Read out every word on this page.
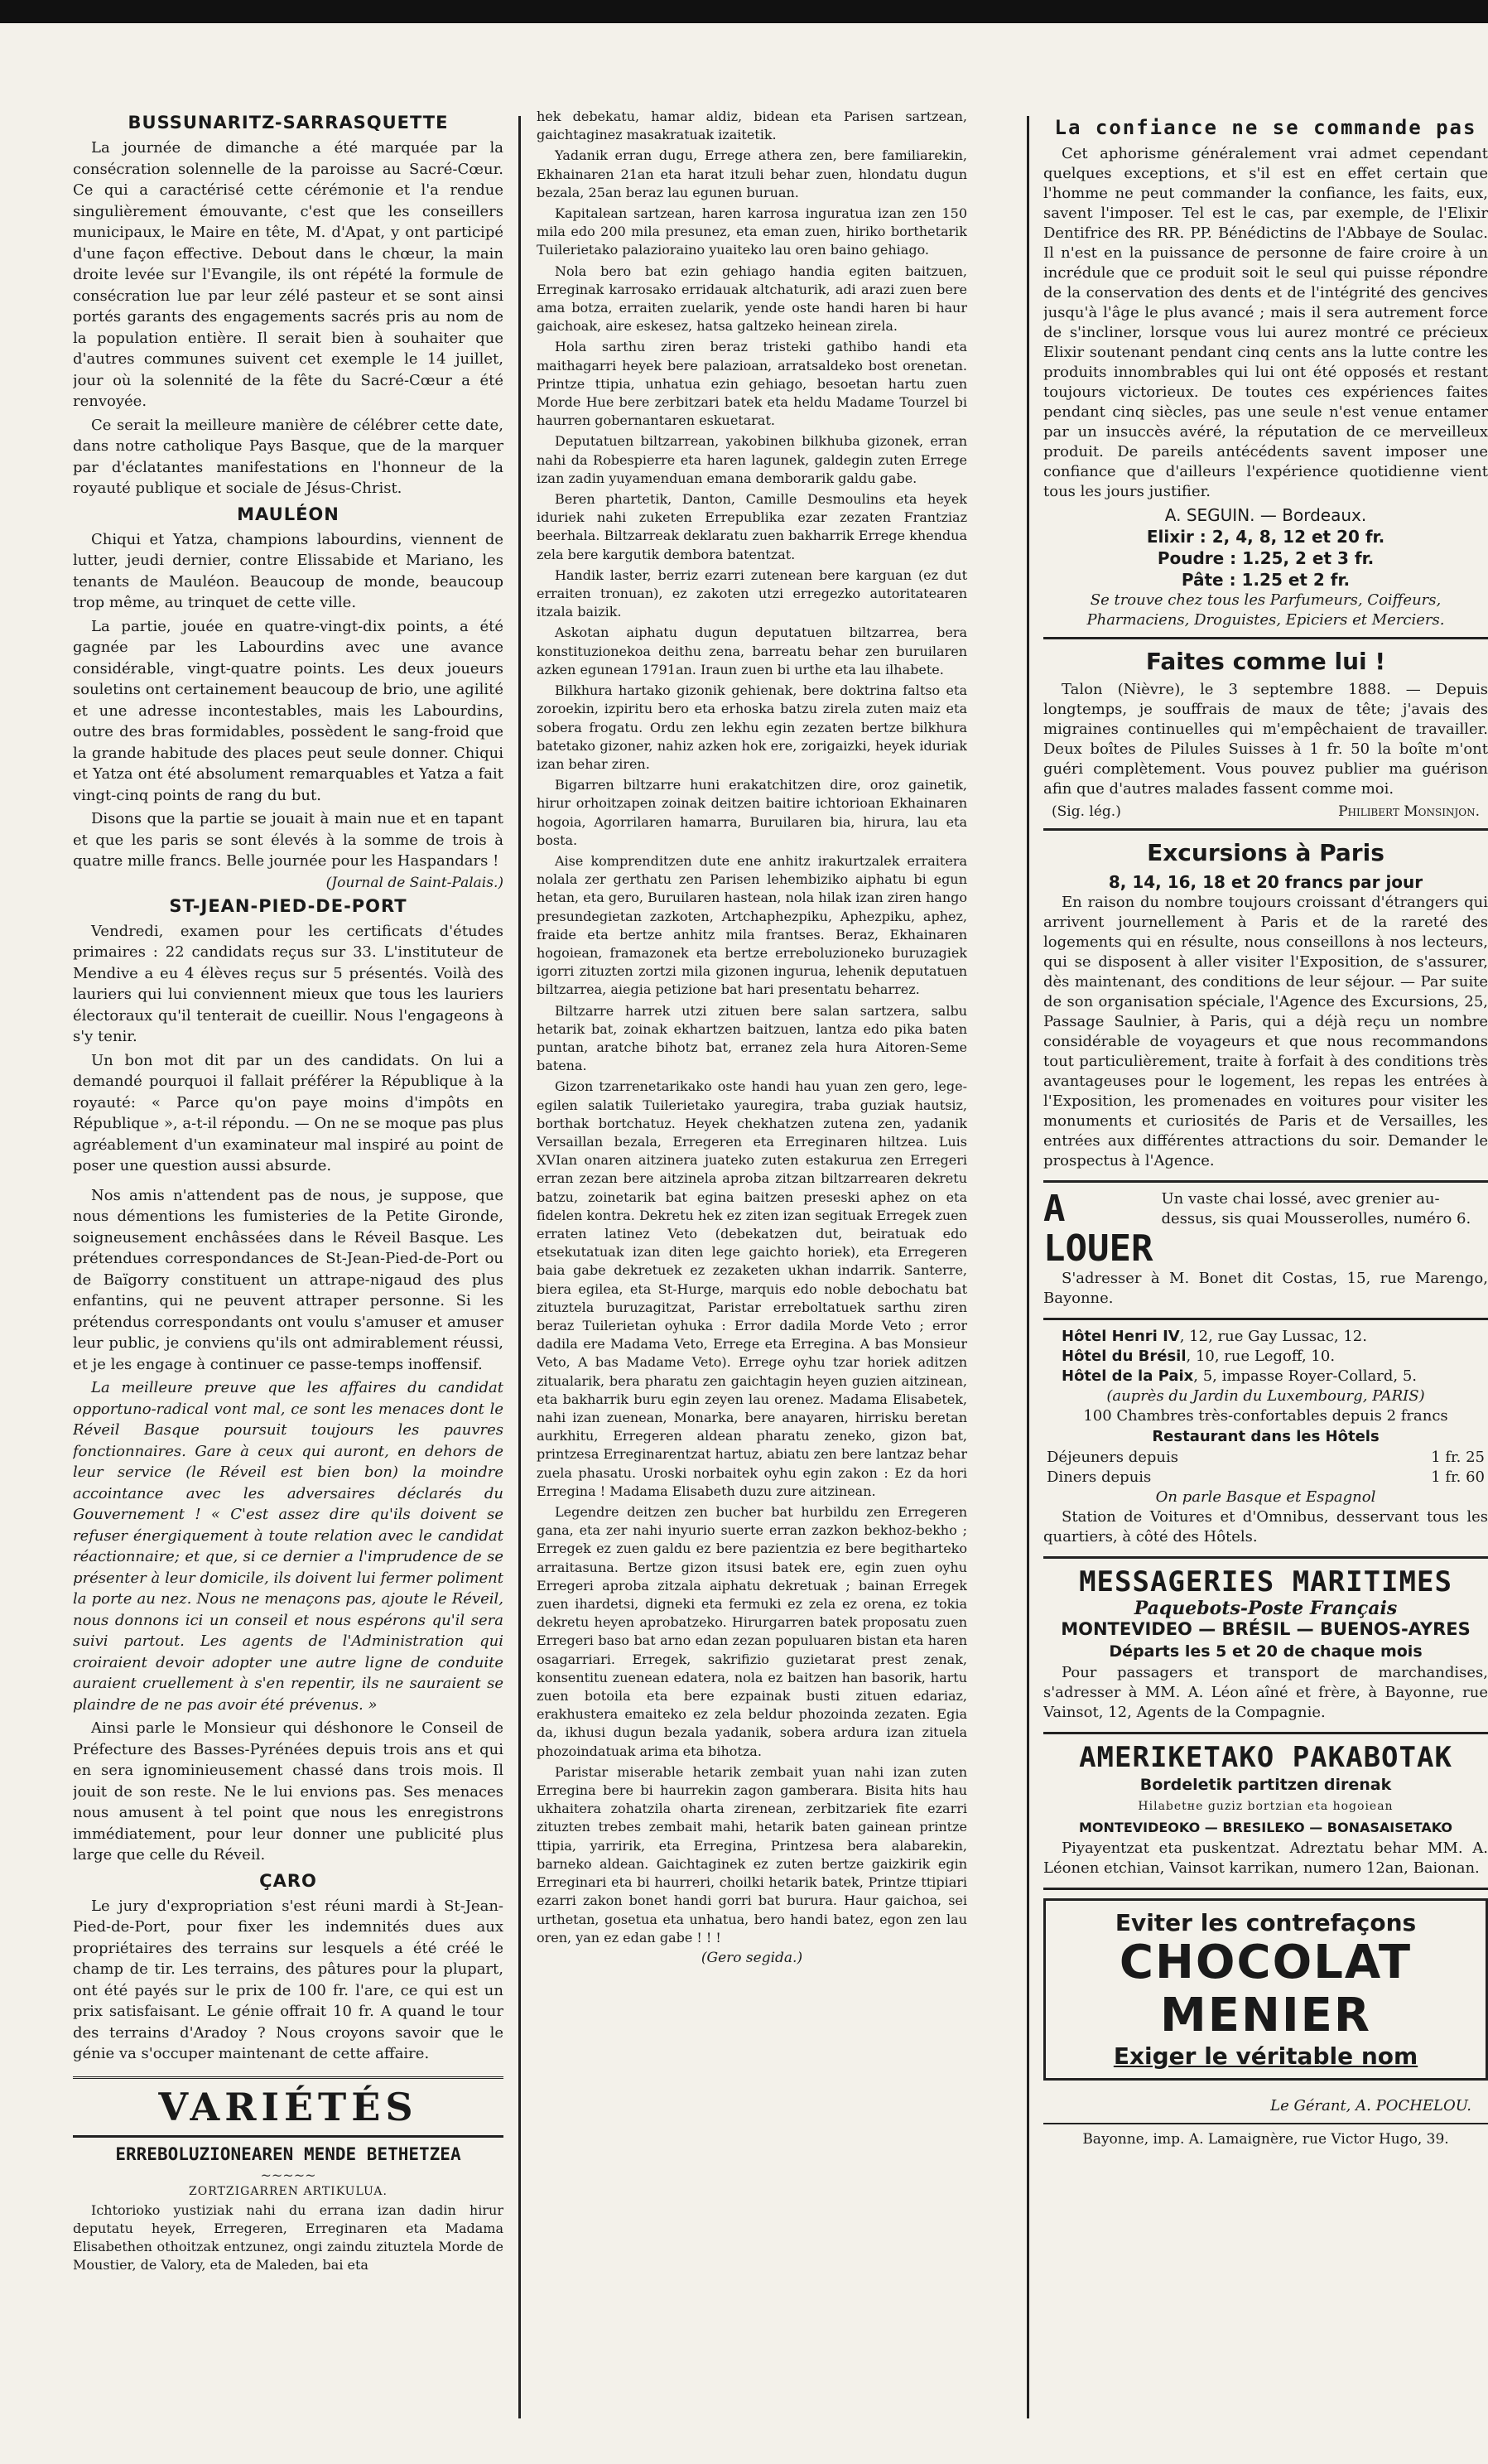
BUSSUNARITZ-SARRASQUETTE

La journée de dimanche a été marquée par la consécration solennelle de la paroisse au Sacré-Cœur. Ce qui a caractérisé cette cérémonie et l'a rendue singulièrement émouvante, c'est que les conseillers municipaux, le Maire en tête, M. d'Apat, y ont participé d'une façon effective. Debout dans le chœur, la main droite levée sur l'Evangile, ils ont répété la formule de consécration lue par leur zélé pasteur et se sont ainsi portés garants des engagements sacrés pris au nom de la population entière. Il serait bien à souhaiter que d'autres communes suivent cet exemple le 14 juillet, jour où la solennité de la fête du Sacré-Cœur a été renvoyée.

Ce serait la meilleure manière de célébrer cette date, dans notre catholique Pays Basque, que de la marquer par d'éclatantes manifestations en l'honneur de la royauté publique et sociale de Jésus-Christ.

MAULÉON

Chiqui et Yatza, champions labourdins, viennent de lutter, jeudi dernier, contre Elissabide et Mariano, les tenants de Mauléon. Beaucoup de monde, beaucoup trop même, au trinquet de cette ville.

La partie, jouée en quatre-vingt-dix points, a été gagnée par les Labourdins avec une avance considérable, vingt-quatre points. Les deux joueurs souletins ont certainement beaucoup de brio, une agilité et une adresse incontestables, mais les Labourdins, outre des bras formidables, possèdent le sang-froid que la grande habitude des places peut seule donner. Chiqui et Yatza ont été absolument remarquables et Yatza a fait vingt-cinq points de rang du but.

Disons que la partie se jouait à main nue et en tapant et que les paris se sont élevés à la somme de trois à quatre mille francs. Belle journée pour les Haspandars !

(Journal de Saint-Palais.)
ST-JEAN-PIED-DE-PORT

Vendredi, examen pour les certificats d'études primaires : 22 candidats reçus sur 33. L'instituteur de Mendive a eu 4 élèves reçus sur 5 présentés. Voilà des lauriers qui lui conviennent mieux que tous les lauriers électoraux qu'il tenterait de cueillir. Nous l'engageons à s'y tenir.

Un bon mot dit par un des candidats. On lui a demandé pourquoi il fallait préférer la République à la royauté: « Parce qu'on paye moins d'impôts en République », a-t-il répondu. — On ne se moque pas plus agréablement d'un examinateur mal inspiré au point de poser une question aussi absurde.

Nos amis n'attendent pas de nous, je suppose, que nous démentions les fumisteries de la Petite Gironde, soigneusement enchâssées dans le Réveil Basque. Les prétendues correspondances de St-Jean-Pied-de-Port ou de Baïgorry constituent un attrape-nigaud des plus enfantins, qui ne peuvent attraper personne. Si les prétendus correspondants ont voulu s'amuser et amuser leur public, je conviens qu'ils ont admirablement réussi, et je les engage à continuer ce passe-temps inoffensif.

La meilleure preuve que les affaires du candidat opportuno-radical vont mal, ce sont les menaces dont le Réveil Basque poursuit toujours les pauvres fonctionnaires. Gare à ceux qui auront, en dehors de leur service (le Réveil est bien bon) la moindre accointance avec les adversaires déclarés du Gouvernement ! « C'est assez dire qu'ils doivent se refuser énergiquement à toute relation avec le candidat réactionnaire; et que, si ce dernier a l'imprudence de se présenter à leur domicile, ils doivent lui fermer poliment la porte au nez. Nous ne menaçons pas, ajoute le Réveil, nous donnons ici un conseil et nous espérons qu'il sera suivi partout. Les agents de l'Administration qui croiraient devoir adopter une autre ligne de conduite auraient cruellement à s'en repentir, ils ne sauraient se plaindre de ne pas avoir été prévenus. »

Ainsi parle le Monsieur qui déshonore le Conseil de Préfecture des Basses-Pyrénées depuis trois ans et qui en sera ignominieusement chassé dans trois mois. Il jouit de son reste. Ne le lui envions pas. Ses menaces nous amusent à tel point que nous les enregistrons immédiatement, pour leur donner une publicité plus large que celle du Réveil.

ÇARO

Le jury d'expropriation s'est réuni mardi à St-Jean-Pied-de-Port, pour fixer les indemnités dues aux propriétaires des terrains sur lesquels a été créé le champ de tir. Les terrains, des pâtures pour la plupart, ont été payés sur le prix de 100 fr. l'are, ce qui est un prix satisfaisant. Le génie offrait 10 fr. A quand le tour des terrains d'Aradoy ? Nous croyons savoir que le génie va s'occuper maintenant de cette affaire.

VARIÉTÉS
ERREBOLUZIONEAREN MENDE BETHETZEA
~~~~~
ZORTZIGARREN ARTIKULUA.

Ichtorioko yustiziak nahi du errana izan dadin hirur deputatu heyek, Erregeren, Erreginaren eta Madama Elisabethen othoitzak entzunez, ongi zaindu zituztela Morde de Moustier, de Valory, eta de Maleden, bai eta

hek debekatu, hamar aldiz, bidean eta Parisen sartzean, gaichtaginez masakratuak izaitetik.

Yadanik erran dugu, Errege athera zen, bere familiarekin, Ekhainaren 21an eta harat itzuli behar zuen, hlondatu dugun bezala, 25an beraz lau egunen buruan.

Kapitalean sartzean, haren karrosa inguratua izan zen 150 mila edo 200 mila presunez, eta eman zuen, hiriko borthetarik Tuilerietako palazioraino yuaiteko lau oren baino gehiago.

Nola bero bat ezin gehiago handia egiten baitzuen, Erreginak karrosako erridauak altchaturik, adi arazi zuen bere ama botza, erraiten zuelarik, yende oste handi haren bi haur gaichoak, aire eskesez, hatsa galtzeko heinean zirela.

Hola sarthu ziren beraz tristeki gathibo handi eta maithagarri heyek bere palazioan, arratsaldeko bost orenetan. Printze ttipia, unhatua ezin gehiago, besoetan hartu zuen Morde Hue bere zerbitzari batek eta heldu Madame Tourzel bi haurren gobernantaren eskuetarat.

Deputatuen biltzarrean, yakobinen bilkhuba gizonek, erran nahi da Robespierre eta haren lagunek, galdegin zuten Errege izan zadin yuyamenduan emana demborarik galdu gabe.

Beren phartetik, Danton, Camille Desmoulins eta heyek iduriek nahi zuketen Errepublika ezar zezaten Frantziaz beerhala. Biltzarreak deklaratu zuen bakharrik Errege khendua zela bere kargutik dembora batentzat.

Handik laster, berriz ezarri zutenean bere karguan (ez dut erraiten tronuan), ez zakoten utzi erregezko autoritatearen itzala baizik.

Askotan aiphatu dugun deputatuen biltzarrea, bera konstituzionekoa deithu zena, barreatu behar zen buruilaren azken egunean 1791an. Iraun zuen bi urthe eta lau ilhabete.

Bilkhura hartako gizonik gehienak, bere doktrina faltso eta zoroekin, izpiritu bero eta erhoska batzu zirela zuten maiz eta sobera frogatu. Ordu zen lekhu egin zezaten bertze bilkhura batetako gizoner, nahiz azken hok ere, zorigaizki, heyek iduriak izan behar ziren.

Bigarren biltzarre huni erakatchitzen dire, oroz gainetik, hirur orhoitzapen zoinak deitzen baitire ichtorioan Ekhainaren hogoia, Agorrilaren hamarra, Buruilaren bia, hirura, lau eta bosta.

Aise komprenditzen dute ene anhitz irakurtzalek erraitera nolala zer gerthatu zen Parisen lehembiziko aiphatu bi egun hetan, eta gero, Buruilaren hastean, nola hilak izan ziren hango presundegietan zazkoten, Artchaphezpiku, Aphezpiku, aphez, fraide eta bertze anhitz mila frantses. Beraz, Ekhainaren hogoiean, framazonek eta bertze erreboluzioneko buruzagiek igorri zituzten zortzi mila gizonen ingurua, lehenik deputatuen biltzarrea, aiegia petizione bat hari presentatu beharrez.

Biltzarre harrek utzi zituen bere salan sartzera, salbu hetarik bat, zoinak ekhartzen baitzuen, lantza edo pika baten puntan, aratche bihotz bat, erranez zela hura Aitoren-Seme batena.

Gizon tzarrenetarikako oste handi hau yuan zen gero, lege-egilen salatik Tuilerietako yauregira, traba guziak hautsiz, borthak bortchatuz. Heyek chekhatzen zutena zen, yadanik Versaillan bezala, Erregeren eta Erreginaren hiltzea. Luis XVIan onaren aitzinera juateko zuten estakurua zen Erregeri erran zezan bere aitzinela aproba zitzan biltzarrearen dekretu batzu, zoinetarik bat egina baitzen preseski aphez on eta fidelen kontra. Dekretu hek ez ziten izan segituak Erregek zuen erraten latinez Veto (debekatzen dut, beiratuak edo etsekutatuak izan diten lege gaichto horiek), eta Erregeren baia gabe dekretuek ez zezaketen ukhan indarrik. Santerre, biera egilea, eta St-Hurge, marquis edo noble debochatu bat zituztela buruzagitzat, Paristar erreboltatuek sarthu ziren beraz Tuilerietan oyhuka : Error dadila Morde Veto ; error dadila ere Madama Veto, Errege eta Erregina. A bas Monsieur Veto, A bas Madame Veto). Errege oyhu tzar horiek aditzen zitualarik, bera pharatu zen gaichtagin heyen guzien aitzinean, eta bakharrik buru egin zeyen lau orenez. Madama Elisabetek, nahi izan zuenean, Monarka, bere anayaren, hirrisku beretan aurkhitu, Erregeren aldean pharatu zeneko, gizon bat, printzesa Erreginarentzat hartuz, abiatu zen bere lantzaz behar zuela phasatu. Uroski norbaitek oyhu egin zakon : Ez da hori Erregina ! Madama Elisabeth duzu zure aitzinean.

Legendre deitzen zen bucher bat hurbildu zen Erregeren gana, eta zer nahi inyurio suerte erran zazkon bekhoz-bekho ; Erregek ez zuen galdu ez bere pazientzia ez bere begitharteko arraitasuna. Bertze gizon itsusi batek ere, egin zuen oyhu Erregeri aproba zitzala aiphatu dekretuak ; bainan Erregek zuen ihardetsi, digneki eta fermuki ez zela ez orena, ez tokia dekretu heyen aprobatzeko. Hirurgarren batek proposatu zuen Erregeri baso bat arno edan zezan populuaren bistan eta haren osagarriari. Erregek, sakrifizio guzietarat prest zenak, konsentitu zuenean edatera, nola ez baitzen han basorik, hartu zuen botoila eta bere ezpainak busti zituen edariaz, erakhustera emaiteko ez zela beldur phozoinda zezaten. Egia da, ikhusi dugun bezala yadanik, sobera ardura izan zituela phozoindatuak arima eta bihotza.

Paristar miserable hetarik zembait yuan nahi izan zuten Erregina bere bi haurrekin zagon gamberara. Bisita hits hau ukhaitera zohatzila oharta zirenean, zerbitzariek fite ezarri zituzten trebes zembait mahi, hetarik baten gainean printze ttipia, yarririk, eta Erregina, Printzesa bera alabarekin, barneko aldean. Gaichtaginek ez zuten bertze gaizkirik egin Erreginari eta bi haurreri, choilki hetarik batek, Printze ttipiari ezarri zakon bonet handi gorri bat burura. Haur gaichoa, sei urthetan, gosetua eta unhatua, bero handi batez, egon zen lau oren, yan ez edan gabe ! ! !

(Gero segida.)
La confiance ne se commande pas

Cet aphorisme généralement vrai admet cependant quelques exceptions, et s'il est en effet certain que l'homme ne peut commander la confiance, les faits, eux, savent l'imposer. Tel est le cas, par exemple, de l'Elixir Dentifrice des RR. PP. Bénédictins de l'Abbaye de Soulac. Il n'est en la puissance de personne de faire croire à un incrédule que ce produit soit le seul qui puisse répondre de la conservation des dents et de l'intégrité des gencives jusqu'à l'âge le plus avancé ; mais il sera autrement force de s'incliner, lorsque vous lui aurez montré ce précieux Elixir soutenant pendant cinq cents ans la lutte contre les produits innombrables qui lui ont été opposés et restant toujours victorieux. De toutes ces expériences faites pendant cinq siècles, pas une seule n'est venue entamer par un insuccès avéré, la réputation de ce merveilleux produit. De pareils antécédents savent imposer une confiance que d'ailleurs l'expérience quotidienne vient tous les jours justifier.

A. SEGUIN. — Bordeaux.
Elixir : 2, 4, 8, 12 et 20 fr.
Poudre : 1.25, 2 et 3 fr.
Pâte : 1.25 et 2 fr.
Se trouve chez tous les Parfumeurs, Coiffeurs, Pharmaciens, Droguistes, Epiciers et Merciers.
Faites comme lui !

Talon (Nièvre), le 3 septembre 1888. — Depuis longtemps, je souffrais de maux de tête; j'avais des migraines continuelles qui m'empêchaient de travailler. Deux boîtes de Pilules Suisses à 1 fr. 50 la boîte m'ont guéri complètement. Vous pouvez publier ma guérison afin que d'autres malades fassent comme moi.

(Sig. lég.)	Philibert Monsinjon.
Excursions à Paris
8, 14, 16, 18 et 20 francs par jour

En raison du nombre toujours croissant d'étrangers qui arrivent journellement à Paris et de la rareté des logements qui en résulte, nous conseillons à nos lecteurs, qui se disposent à aller visiter l'Exposition, de s'assurer, dès maintenant, des conditions de leur séjour. — Par suite de son organisation spéciale, l'Agence des Excursions, 25, Passage Saulnier, à Paris, qui a déjà reçu un nombre considérable de voyageurs et que nous recommandons tout particulièrement, traite à forfait à des conditions très avantageuses pour le logement, les repas les entrées à l'Exposition, les promenades en voitures pour visiter les monuments et curiosités de Paris et de Versailles, les entrées aux différentes attractions du soir. Demander le prospectus à l'Agence.

A LOUER
Un vaste chai lossé, avec grenier au-dessus, sis quai Mousserolles, numéro 6.

S'adresser à M. Bonet dit Costas, 15, rue Marengo, Bayonne.

Hôtel Henri IV, 12, rue Gay Lussac, 12.

Hôtel du Brésil, 10, rue Legoff, 10.

Hôtel de la Paix, 5, impasse Royer-Collard, 5.

(auprès du Jardin du Luxembourg, PARIS)
100 Chambres très-confortables depuis 2 francs
Restaurant dans les Hôtels
Déjeuners depuis	1 fr. 25
Diners depuis	1 fr. 60
On parle Basque et Espagnol

Station de Voitures et d'Omnibus, desservant tous les quartiers, à côté des Hôtels.

MESSAGERIES MARITIMES
Paquebots-Poste Français
MONTEVIDEO — BRÉSIL — BUENOS-AYRES
Départs les 5 et 20 de chaque mois

Pour passagers et transport de marchandises, s'adresser à MM. A. Léon aîné et frère, à Bayonne, rue Vainsot, 12, Agents de la Compagnie.

AMERIKETAKO PAKABOTAK
Bordeletik partitzen direnak
Hilabetне guziz bortzian eta hogoiean
MONTEVIDEOKO — BRESILEKO — BONASAISETAKO

Piyayentzat eta puskentzat. Adreztatu behar MM. A. Léonen etchian, Vainsot karrikan, numero 12an, Baionan.

Eviter les contrefaçons
CHOCOLAT
MENIER
Exiger le véritable nom
Le Gérant, A. POCHELOU.
Bayonne, imp. A. Lamaignère, rue Victor Hugo, 39.
